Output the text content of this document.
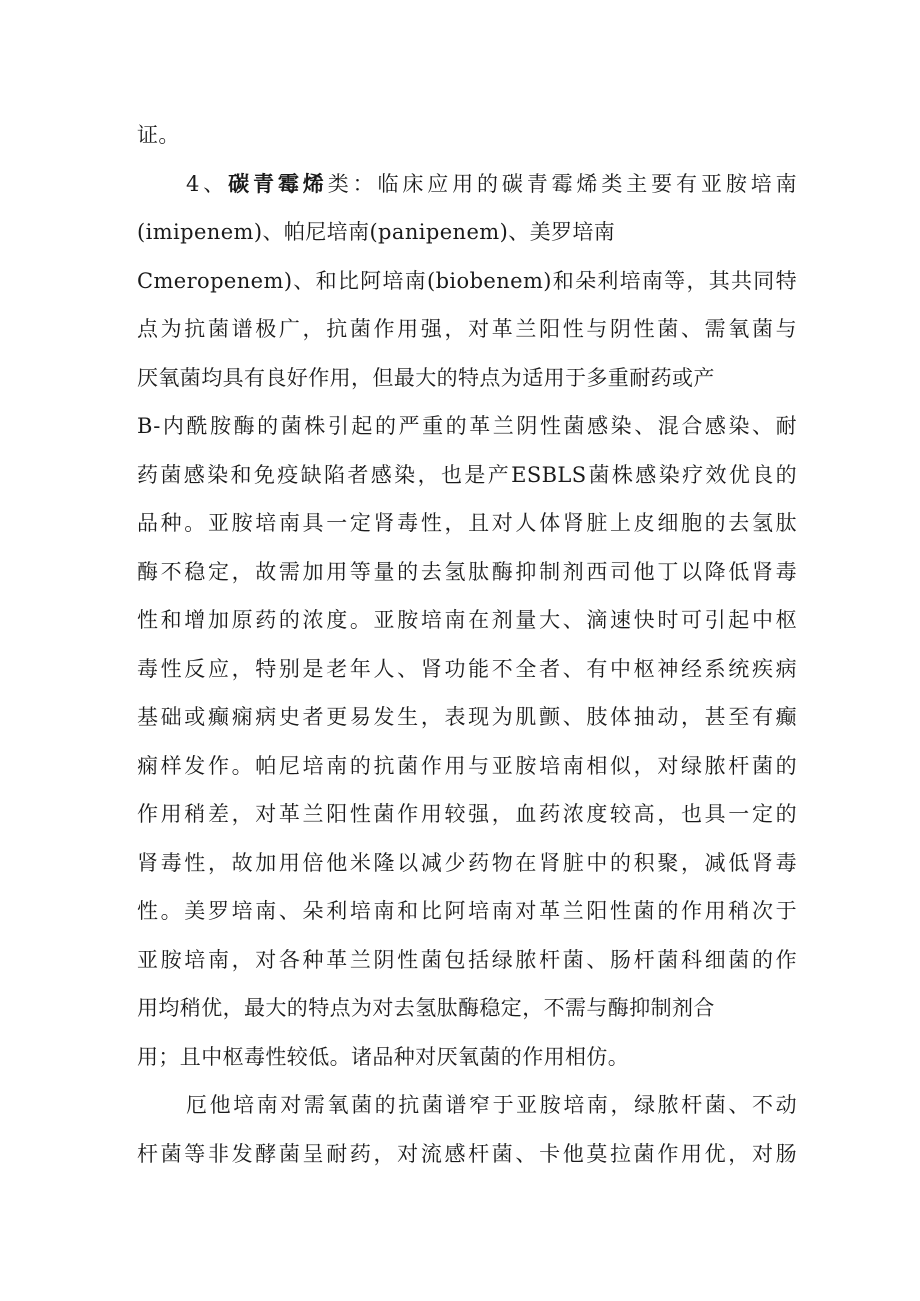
证。
4、碳青霉烯类：临床应用的碳青霉烯类主要有亚胺培南
(imipenem)、帕尼培南(panipenem)、美罗培南
Cmeropenem)、和比阿培南(biobenem)和朵利培南等，其共同特
点为抗菌谱极广，抗菌作用强，对革兰阳性与阴性菌、需氧菌与
厌氧菌均具有良好作用，但最大的特点为适用于多重耐药或产
B-内酰胺酶的菌株引起的严重的革兰阴性菌感染、混合感染、耐
药菌感染和免疫缺陷者感染，也是产ESBLS菌株感染疗效优良的
品种。亚胺培南具一定肾毒性，且对人体肾脏上皮细胞的去氢肽
酶不稳定，故需加用等量的去氢肽酶抑制剂西司他丁以降低肾毒
性和增加原药的浓度。亚胺培南在剂量大、滴速快时可引起中枢
毒性反应，特别是老年人、肾功能不全者、有中枢神经系统疾病
基础或癫痫病史者更易发生，表现为肌颤、肢体抽动，甚至有癫
痫样发作。帕尼培南的抗菌作用与亚胺培南相似，对绿脓杆菌的
作用稍差，对革兰阳性菌作用较强，血药浓度较高，也具一定的
肾毒性，故加用倍他米隆以减少药物在肾脏中的积聚，减低肾毒
性。美罗培南、朵利培南和比阿培南对革兰阳性菌的作用稍次于
亚胺培南，对各种革兰阴性菌包括绿脓杆菌、肠杆菌科细菌的作
用均稍优，最大的特点为对去氢肽酶稳定，不需与酶抑制剂合
用；且中枢毒性较低。诸品种对厌氧菌的作用相仿。
厄他培南对需氧菌的抗菌谱窄于亚胺培南，绿脓杆菌、不动
杆菌等非发酵菌呈耐药，对流感杆菌、卡他莫拉菌作用优，对肠
